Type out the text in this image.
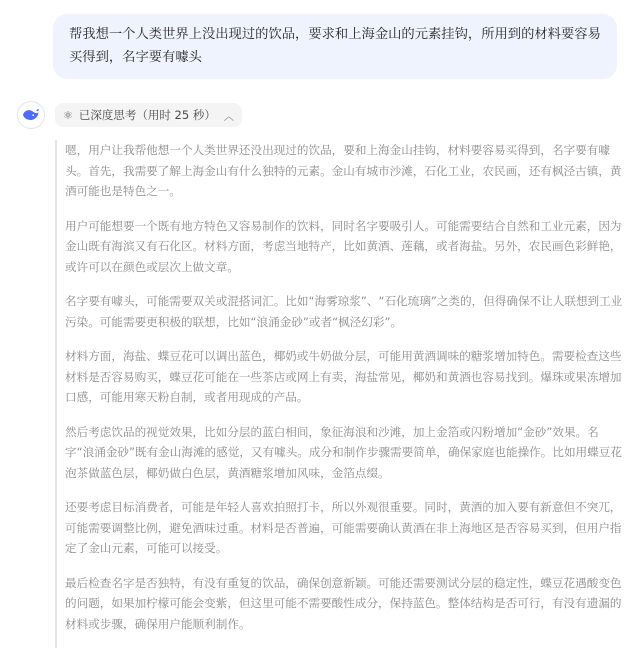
帮我想一个人类世界上没出现过的饮品，要求和上海金山的元素挂钩，所用到的材料要容易买得到，名字要有噱头
⚛ 已深度思考（用时 25 秒） ︿

嗯，用户让我帮他想一个人类世界还没出现过的饮品，要和上海金山挂钩，材料要容易买得到，名字要有噱头。首先，我需要了解上海金山有什么独特的元素。金山有城市沙滩，石化工业，农民画，还有枫泾古镇，黄酒可能也是特色之一。

用户可能想要一个既有地方特色又容易制作的饮料，同时名字要吸引人。可能需要结合自然和工业元素，因为金山既有海滨又有石化区。材料方面，考虑当地特产，比如黄酒、莲藕，或者海盐。另外，农民画色彩鲜艳，或许可以在颜色或层次上做文章。

名字要有噱头，可能需要双关或混搭词汇。比如“海雾琼浆”、“石化琉璃”之类的，但得确保不让人联想到工业污染。可能需要更积极的联想，比如“浪涌金砂”或者“枫泾幻彩”。

材料方面，海盐、蝶豆花可以调出蓝色，椰奶或牛奶做分层，可能用黄酒调味的糖浆增加特色。需要检查这些材料是否容易购买，蝶豆花可能在一些茶店或网上有卖，海盐常见，椰奶和黄酒也容易找到。爆珠或果冻增加口感，可能用寒天粉自制，或者用现成的产品。

然后考虑饮品的视觉效果，比如分层的蓝白相间，象征海浪和沙滩，加上金箔或闪粉增加“金砂”效果。名字“浪涌金砂”既有金山海滩的感觉，又有噱头。成分和制作步骤需要简单，确保家庭也能操作。比如用蝶豆花泡茶做蓝色层，椰奶做白色层，黄酒糖浆增加风味，金箔点缀。

还要考虑目标消费者，可能是年轻人喜欢拍照打卡，所以外观很重要。同时，黄酒的加入要有新意但不突兀，可能需要调整比例，避免酒味过重。材料是否普遍，可能需要确认黄酒在非上海地区是否容易买到，但用户指定了金山元素，可能可以接受。

最后检查名字是否独特，有没有重复的饮品，确保创意新颖。可能还需要测试分层的稳定性，蝶豆花遇酸变色的问题，如果加柠檬可能会变紫，但这里可能不需要酸性成分，保持蓝色。整体结构是否可行，有没有遗漏的材料或步骤，确保用户能顺利制作。
